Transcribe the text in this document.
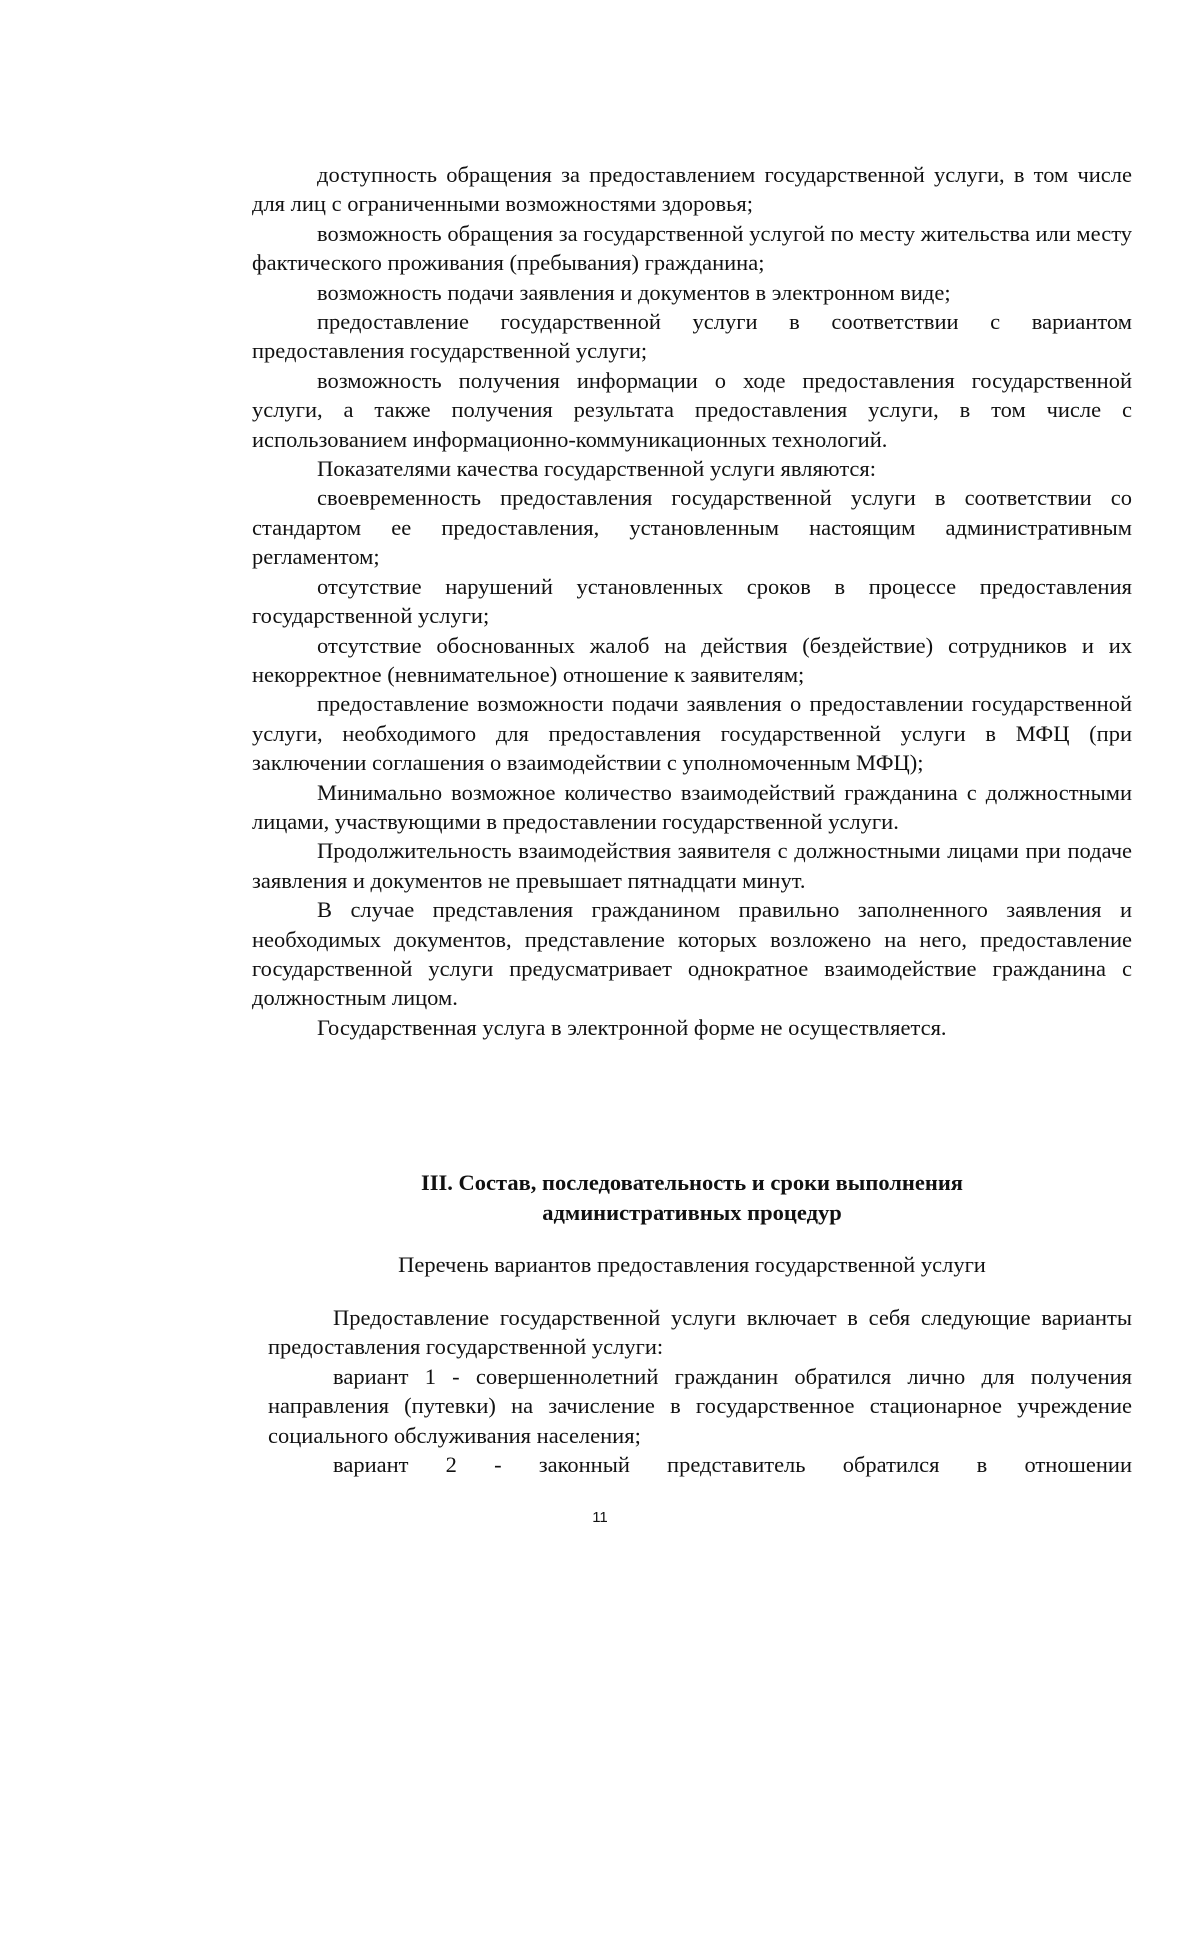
доступность обращения за предоставлением государственной услуги, в том числе для лиц с ограниченными возможностями здоровья;

возможность обращения за государственной услугой по месту жительства или месту фактического проживания (пребывания) гражданина;

возможность подачи заявления и документов в электронном виде;

предоставление государственной услуги в соответствии с вариантом предоставления государственной услуги;

возможность получения информации о ходе предоставления государственной услуги, а также получения результата предоставления услуги, в том числе с использованием информационно-коммуникационных технологий.

Показателями качества государственной услуги являются:

своевременность предоставления государственной услуги в соответствии со стандартом ее предоставления, установленным настоящим административным регламентом;

отсутствие нарушений установленных сроков в процессе предоставления государственной услуги;

отсутствие обоснованных жалоб на действия (бездействие) сотрудников и их некорректное (невнимательное) отношение к заявителям;

предоставление возможности подачи заявления о предоставлении государственной услуги, необходимого для предоставления государственной услуги в МФЦ (при заключении соглашения о взаимодействии с уполномоченным МФЦ);

Минимально возможное количество взаимодействий гражданина с должностными лицами, участвующими в предоставлении государственной услуги.

Продолжительность взаимодействия заявителя с должностными лицами при подаче заявления и документов не превышает пятнадцати минут.

В случае представления гражданином правильно заполненного заявления и необходимых документов, представление которых возложено на него, предоставление государственной услуги предусматривает однократное взаимодействие гражданина с должностным лицом.

Государственная услуга в электронной форме не осуществляется.

III. Состав, последовательность и сроки выполнения
административных процедур
Перечень вариантов предоставления государственной услуги

Предоставление государственной услуги включает в себя следующие варианты предоставления государственной услуги:

вариант 1 - совершеннолетний гражданин обратился лично для получения направления (путевки) на зачисление в государственное стационарное учреждение социального обслуживания населения;

вариант 2 - законный представитель обратился в отношении

11
